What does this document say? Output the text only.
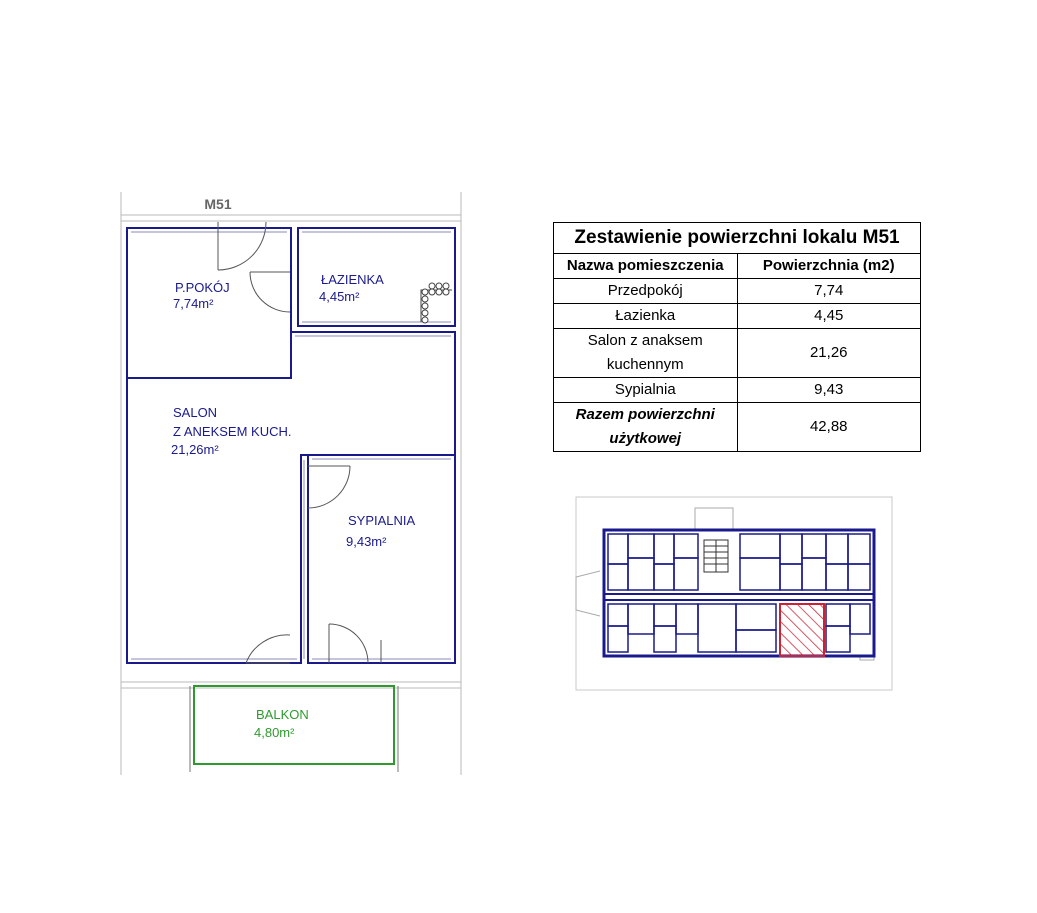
M51
P.POKÓJ
7,74m²
ŁAZIENKA
4,45m²
SALON
Z ANEKSEM KUCH.
21,26m²
SYPIALNIA
9,43m²
BALKON
4,80m²
Zestawienie powierzchni lokalu M51	
Nazwa pomieszczenia	Powierzchnia (m2)
Przedpokój	7,74
Łazienka	4,45
Salon z anaksem kuchennym	21,26
Sypialnia	9,43
Razem powierzchni użytkowej	42,88
